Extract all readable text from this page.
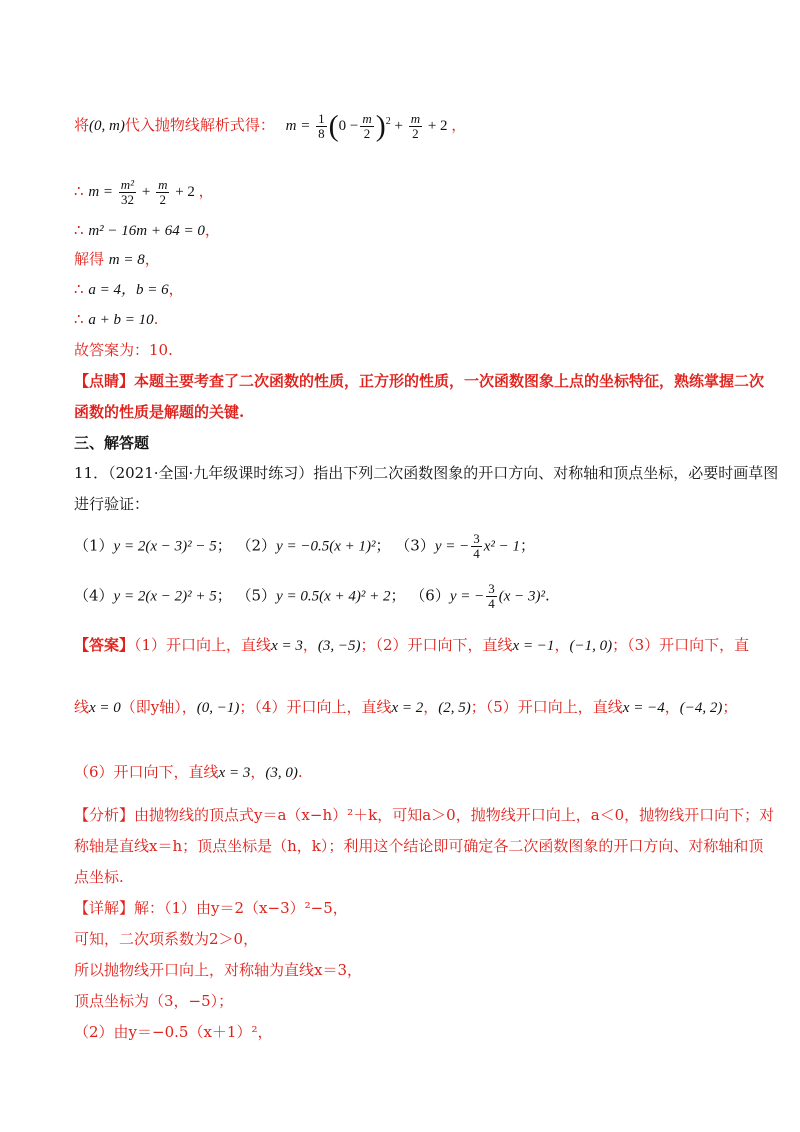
将(0, m)代入抛物线解析式得： $m = \frac{1}{8} (0 - \frac{m}{2} )^2 + \frac{m}{2} + 2$ ，
∴ $m = \frac{\text{m²}}{32} + \frac{m}{2} + 2$ ，
∴ m² − 16m + 64 = 0，
解得 m = 8，
∴ a = 4，b = 6，
∴ a + b = 10.
故答案为：10.
【点睛】本题主要考查了二次函数的性质，正方形的性质，一次函数图象上点的坐标特征，熟练掌握二次
函数的性质是解题的关键.
三、解答题
11．（2021·全国·九年级课时练习）指出下列二次函数图象的开口方向、对称轴和顶点坐标，必要时画草图
进行验证：
（1）y = 2(x − 3)² − 5； （2）y = −0.5(x + 1)²； （3）y = − $\frac{3}{4} x^2 - 1$；
（4）y = 2(x − 2)² + 5； （5）y = 0.5(x + 4)² + 2； （6）y = − $\frac{3}{4} (x - 3)^2$.
【答案】（1）开口向上，直线x = 3，(3, −5)；（2）开口向下，直线x = −1，(−1, 0)；（3）开口向下，直
线x = 0（即y轴），(0, −1)；（4）开口向上，直线x = 2，(2, 5)；（5）开口向上，直线x = −4，(−4, 2)；
（6）开口向下，直线x = 3，(3, 0).
【分析】由抛物线的顶点式y＝a（x−h）²＋k，可知a＞0，抛物线开口向上，a＜0，抛物线开口向下；对
称轴是直线x＝h；顶点坐标是（h，k）；利用这个结论即可确定各二次函数图象的开口方向、对称轴和顶
点坐标.
【详解】解：（1）由y＝2（x−3）²−5，
可知，二次项系数为2＞0，
所以抛物线开口向上，对称轴为直线x＝3，
顶点坐标为（3，−5）；
（2）由y＝−0.5（x＋1）²，
